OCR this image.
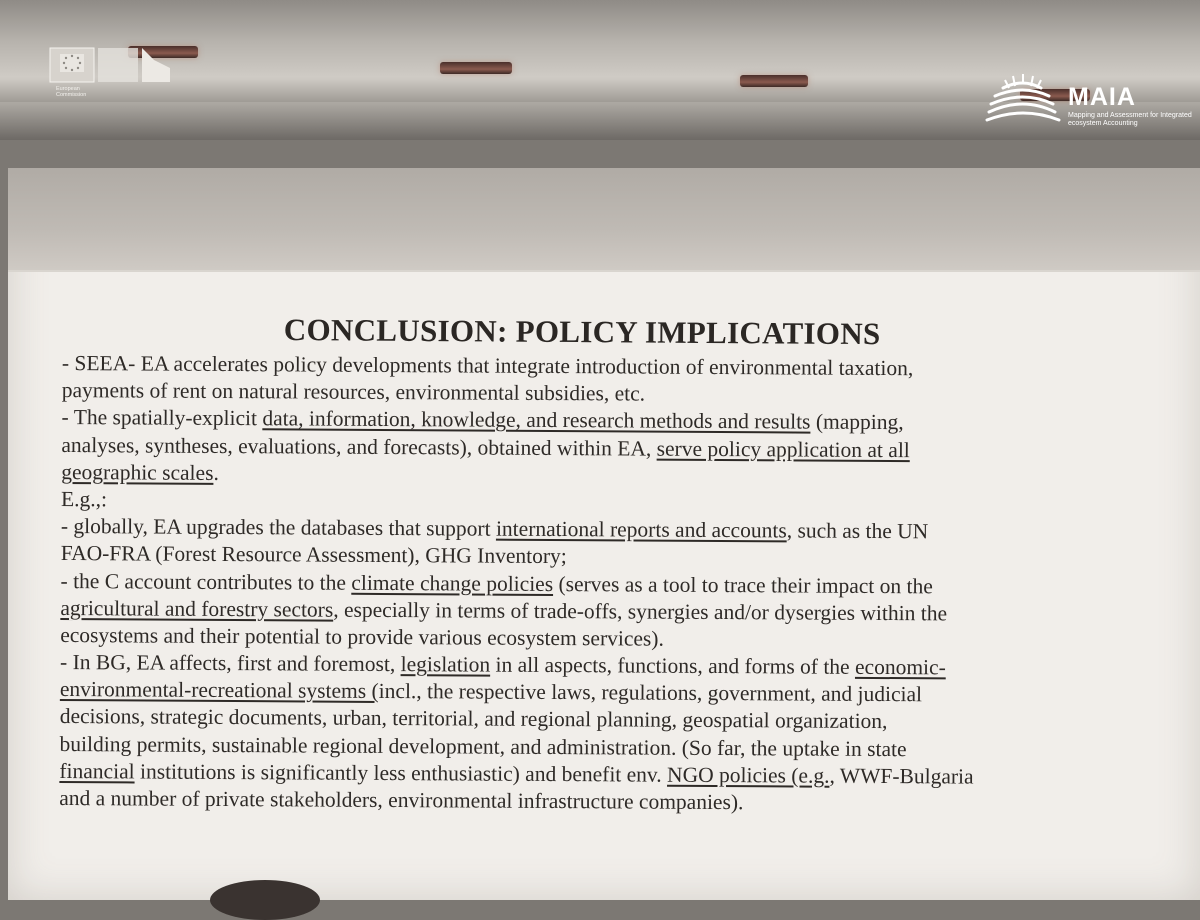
European
Commission	MAIA
Mapping and Assessment for Integrated ecosystem Accounting
CONCLUSION: POLICY IMPLICATIONS
- SEEA- EA accelerates policy developments that integrate introduction of environmental taxation,
payments of rent on natural resources, environmental subsidies, etc.
- The spatially-explicit data, information, knowledge, and research methods and results (mapping,
analyses, syntheses, evaluations, and forecasts), obtained within EA, serve policy application at all
geographic scales.
E.g.,:
- globally, EA upgrades the databases that support international reports and accounts, such as the UN
FAO-FRA (Forest Resource Assessment), GHG Inventory;
- the C account contributes to the climate change policies (serves as a tool to trace their impact on the
agricultural and forestry sectors, especially in terms of trade-offs, synergies and/or dysergies within the
ecosystems and their potential to provide various ecosystem services).
- In BG, EA affects, first and foremost, legislation in all aspects, functions, and forms of the economic-
environmental-recreational systems (incl., the respective laws, regulations, government, and judicial
decisions, strategic documents, urban, territorial, and regional planning, geospatial organization,
building permits, sustainable regional development, and administration. (So far, the uptake in state
financial institutions is significantly less enthusiastic) and benefit env. NGO policies (e.g., WWF-Bulgaria
and a number of private stakeholders, environmental infrastructure companies).
